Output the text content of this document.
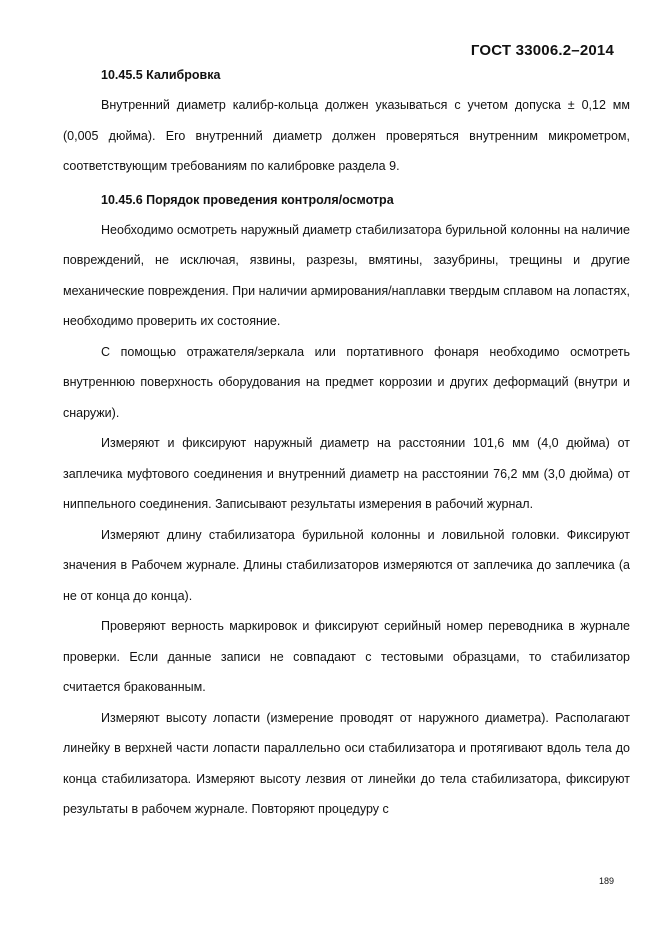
ГОСТ 33006.2–2014

10.45.5 Калибровка

Внутренний диаметр калибр-кольца должен указываться с учетом допуска ± 0,12 мм (0,005 дюйма). Его внутренний диаметр должен проверяться внутренним микрометром, соответствующим требованиям по калибровке раздела 9.

10.45.6 Порядок проведения контроля/осмотра

Необходимо осмотреть наружный диаметр стабилизатора бурильной колонны на наличие повреждений, не исключая, язвины, разрезы, вмятины, зазубрины, трещины и другие механические повреждения. При наличии армирования/наплавки твердым сплавом на лопастях, необходимо проверить их состояние.

С помощью отражателя/зеркала или портативного фонаря необходимо осмотреть внутреннюю поверхность оборудования на предмет коррозии и других деформаций (внутри и снаружи).

Измеряют и фиксируют наружный диаметр на расстоянии 101,6 мм (4,0 дюйма) от заплечика муфтового соединения и внутренний диаметр на расстоянии 76,2 мм (3,0 дюйма) от ниппельного соединения. Записывают результаты измерения в рабочий журнал.

Измеряют длину стабилизатора бурильной колонны и ловильной головки. Фиксируют значения в Рабочем журнале. Длины стабилизаторов измеряются от заплечика до заплечика (а не от конца до конца).

Проверяют верность маркировок и фиксируют серийный номер переводника в журнале проверки. Если данные записи не совпадают с тестовыми образцами, то стабилизатор считается бракованным.

Измеряют высоту лопасти (измерение проводят от наружного диаметра). Располагают линейку в верхней части лопасти параллельно оси стабилизатора и протягивают вдоль тела до конца стабилизатора. Измеряют высоту лезвия от линейки до тела стабилизатора, фиксируют результаты в рабочем журнале. Повторяют процедуру с

189
